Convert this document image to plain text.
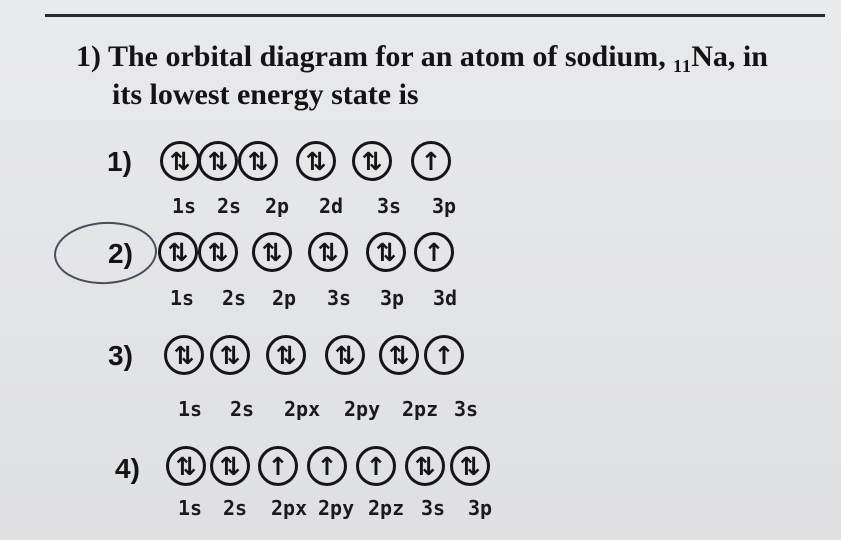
1) The orbital diagram for an atom of sodium, ₁₁Na, in
its lowest energy state is
1)	⇅ ⇅ ⇅	⇅	⇅	↑
1s 2s 2p 2d 3s 3p
2)	⇅ ⇅	⇅	⇅	⇅	↑
1s 2s 2p 3s 3p 3d
3)	⇅	⇅	⇅	⇅	⇅ ↑
1s 2s 2px 2py 2pz 3s
4)	⇅ ⇅	↑	↑	↑	⇅ ⇅
1s 2s 2px 2py 2pz 3s 3p
